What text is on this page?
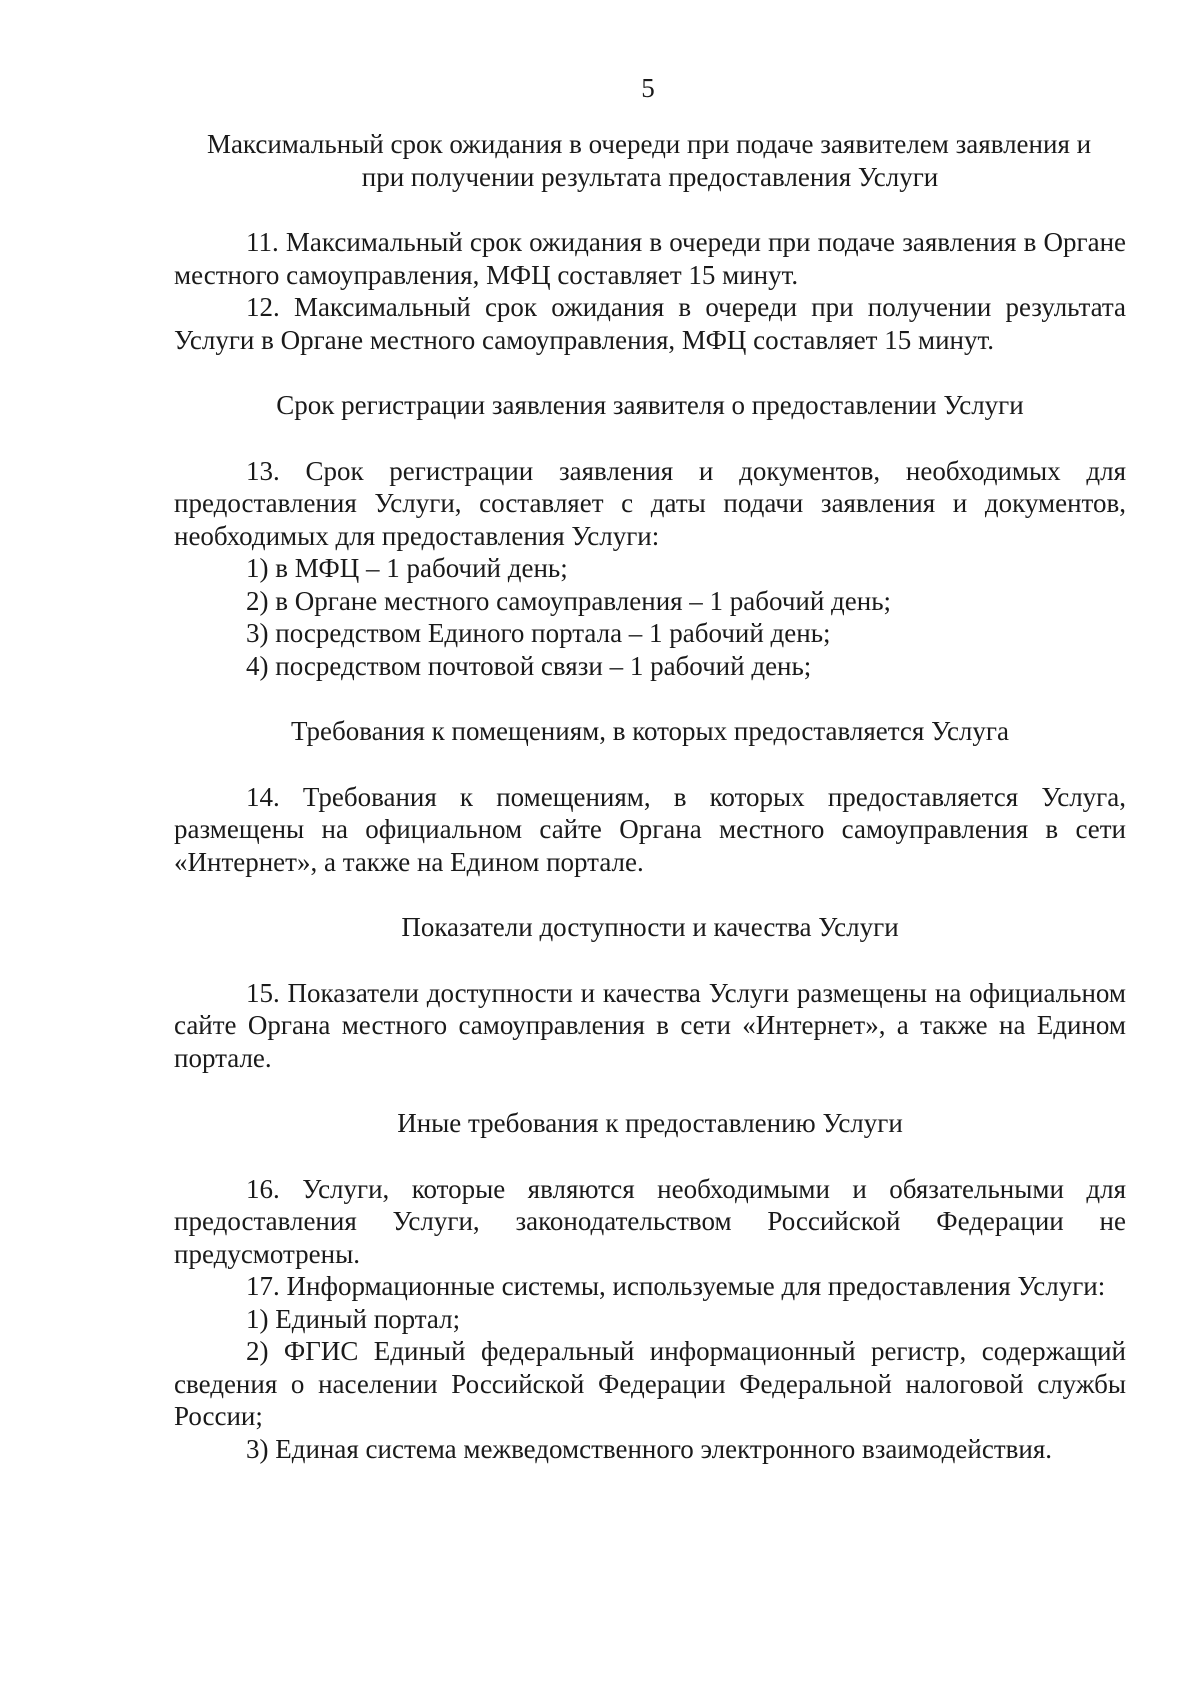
5

Максимальный срок ожидания в очереди при подаче заявителем заявления и

при получении результата предоставления Услуги

11. Максимальный срок ожидания в очереди при подаче заявления в Органе местного самоуправления, МФЦ составляет 15 минут.

12. Максимальный срок ожидания в очереди при получении результата Услуги в Органе местного самоуправления, МФЦ составляет 15 минут.

Срок регистрации заявления заявителя о предоставлении Услуги

13. Срок регистрации заявления и документов, необходимых для предоставления Услуги, составляет с даты подачи заявления и документов, необходимых для предоставления Услуги:

1) в МФЦ – 1 рабочий день;

2) в Органе местного самоуправления – 1 рабочий день;

3) посредством Единого портала – 1 рабочий день;

4) посредством почтовой связи – 1 рабочий день;

Требования к помещениям, в которых предоставляется Услуга

14. Требования к помещениям, в которых предоставляется Услуга, размещены на официальном сайте Органа местного самоуправления в сети «Интернет», а также на Едином портале.

Показатели доступности и качества Услуги

15. Показатели доступности и качества Услуги размещены на официальном сайте Органа местного самоуправления в сети «Интернет», а также на Едином портале.

Иные требования к предоставлению Услуги

16. Услуги, которые являются необходимыми и обязательными для предоставления Услуги, законодательством Российской Федерации не предусмотрены.

17. Информационные системы, используемые для предоставления Услуги:

1) Единый портал;

2) ФГИС Единый федеральный информационный регистр, содержащий сведения о населении Российской Федерации Федеральной налоговой службы России;

3) Единая система межведомственного электронного взаимодействия.
